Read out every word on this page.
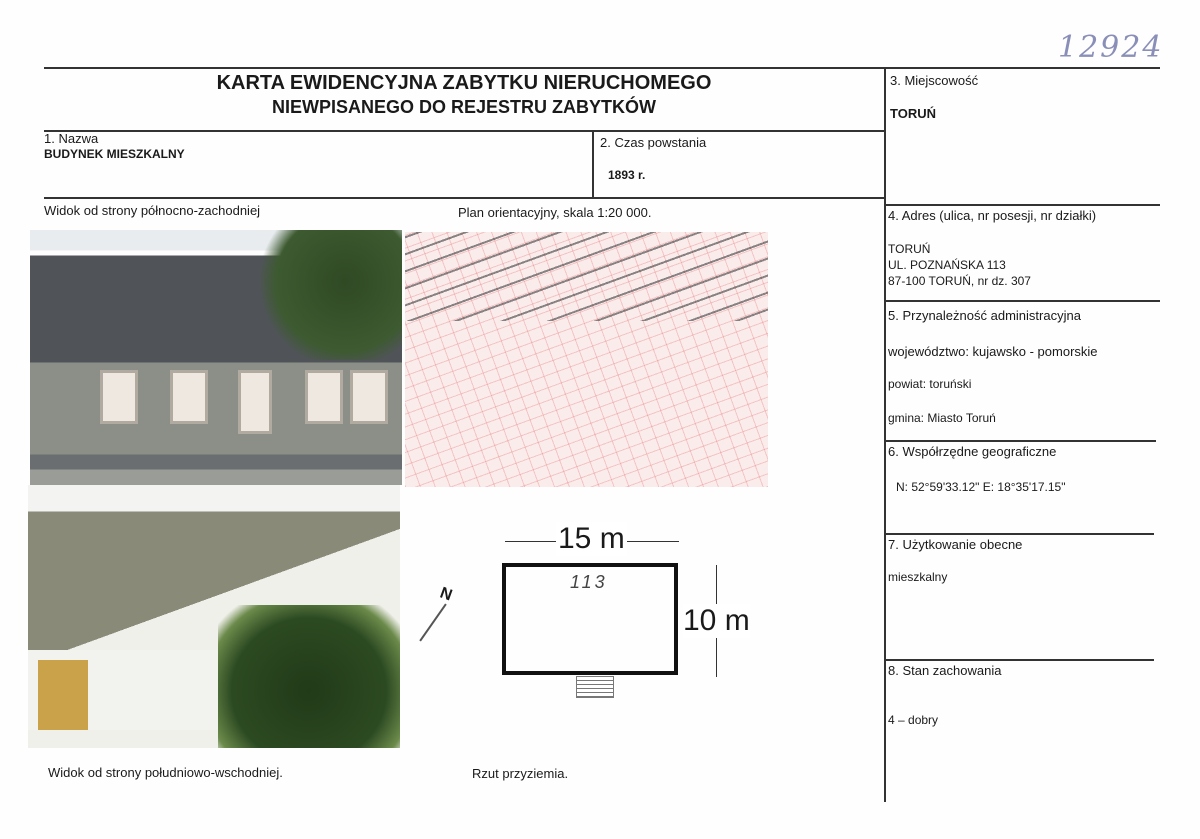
12924
KARTA EWIDENCYJNA ZABYTKU NIERUCHOMEGO
NIEWPISANEGO DO REJESTRU ZABYTKÓW
1. Nazwa
BUDYNEK MIESZKALNY
2. Czas powstania
1893 r.
3. Miejscowość
TORUŃ
4. Adres (ulica, nr posesji, nr działki)
TORUŃ
UL. POZNAŃSKA 113
87-100 TORUŃ, nr dz. 307
5. Przynależność administracyjna
województwo: kujawsko - pomorskie
powiat: toruński
gmina: Miasto Toruń
6. Współrzędne geograficzne
N: 52°59'33.12" E: 18°35'17.15"
7. Użytkowanie obecne
mieszkalny
8. Stan zachowania
4 – dobry
Widok od strony północno-zachodniej	Plan orientacyjny, skala 1:20 000.
Widok od strony południowo-wschodniej.	Rzut przyziemia.
15 m
113
10 m
N
